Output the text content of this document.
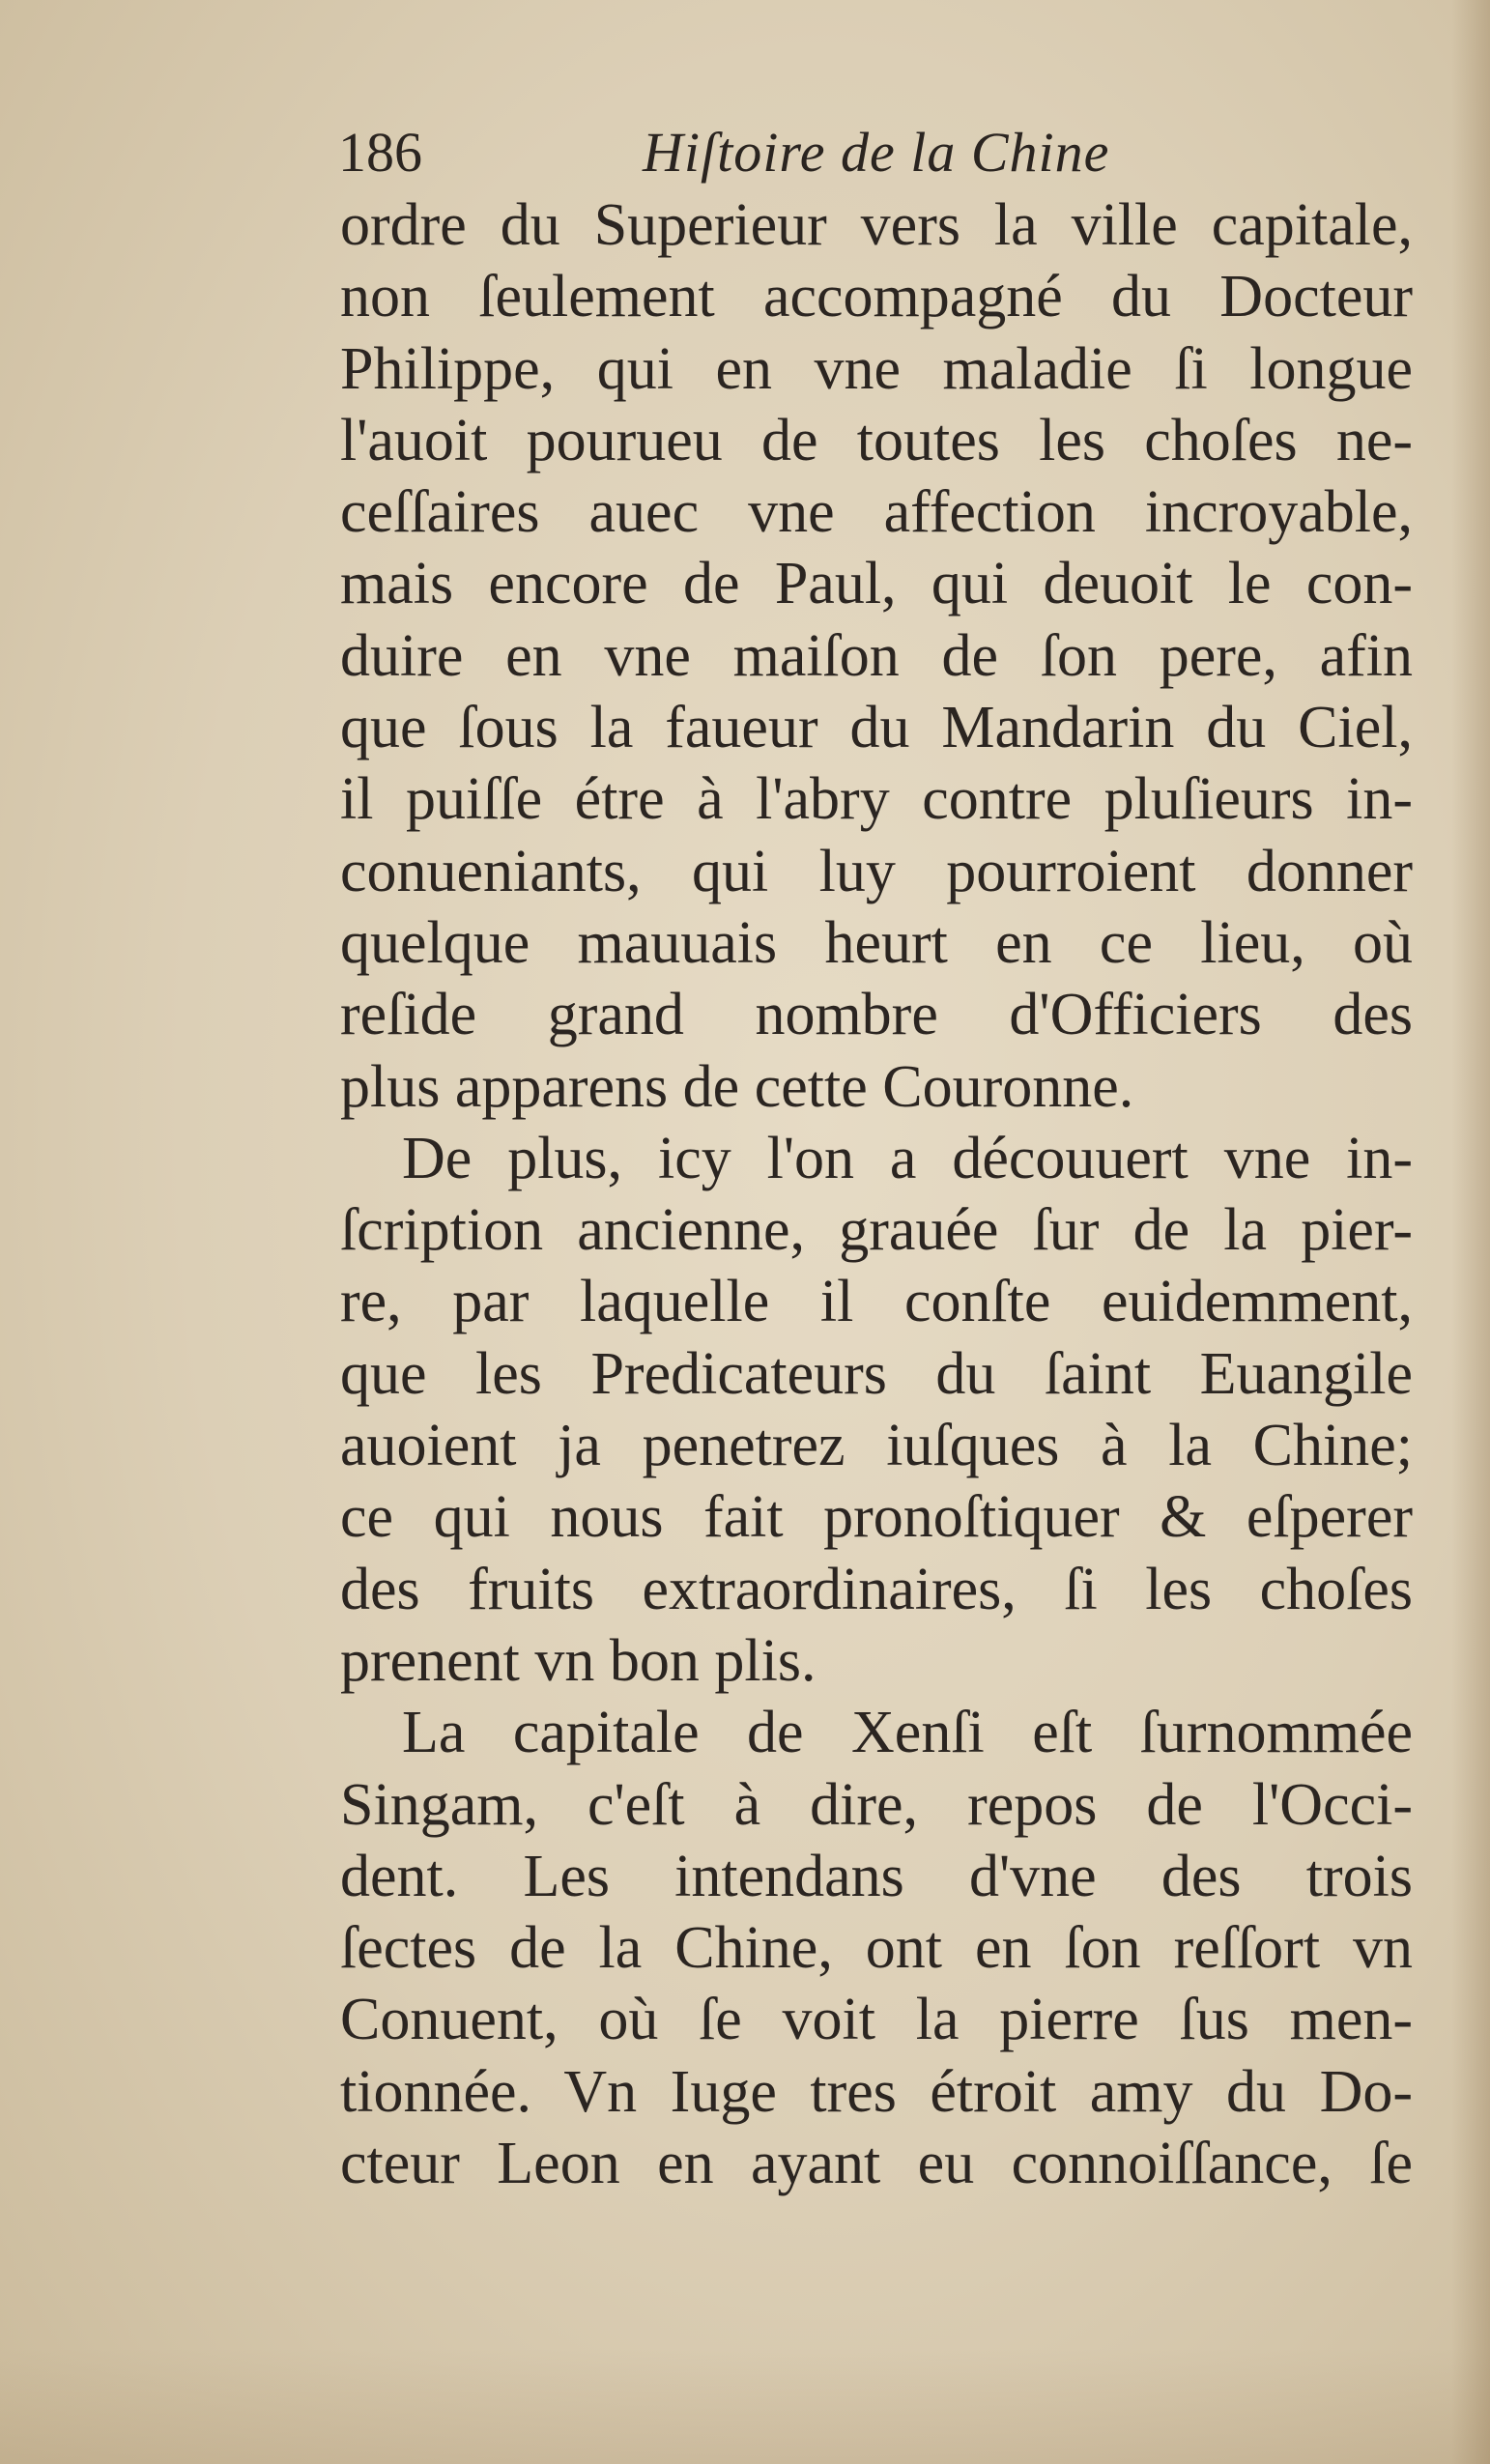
186	Hiſtoire de la Chine
ordre du Superieur vers la ville capitale,
non ſeulement accompagné du Docteur
Philippe, qui en vne maladie ſi longue
l'auoit pourueu de toutes les choſes ne-
ceſſaires auec vne affection incroyable,
mais encore de Paul, qui deuoit le con-
duire en vne maiſon de ſon pere, afin
que ſous la faueur du Mandarin du Ciel,
il puiſſe étre à l'abry contre pluſieurs in-
conueniants, qui luy pourroient donner
quelque mauuais heurt en ce lieu, où
reſide grand nombre d'Officiers des
plus apparens de cette Couronne.
De plus, icy l'on a découuert vne in-
ſcription ancienne, grauée ſur de la pier-
re, par laquelle il conſte euidemment,
que les Predicateurs du ſaint Euangile
auoient ja penetrez iuſques à la Chine;
ce qui nous fait pronoſtiquer & eſperer
des fruits extraordinaires, ſi les choſes
prenent vn bon plis.
La capitale de Xenſi eſt ſurnommée
Singam, c'eſt à dire, repos de l'Occi-
dent. Les intendans d'vne des trois
ſectes de la Chine, ont en ſon reſſort vn
Conuent, où ſe voit la pierre ſus men-
tionnée. Vn Iuge tres étroit amy du Do-
cteur Leon en ayant eu connoiſſance, ſe
